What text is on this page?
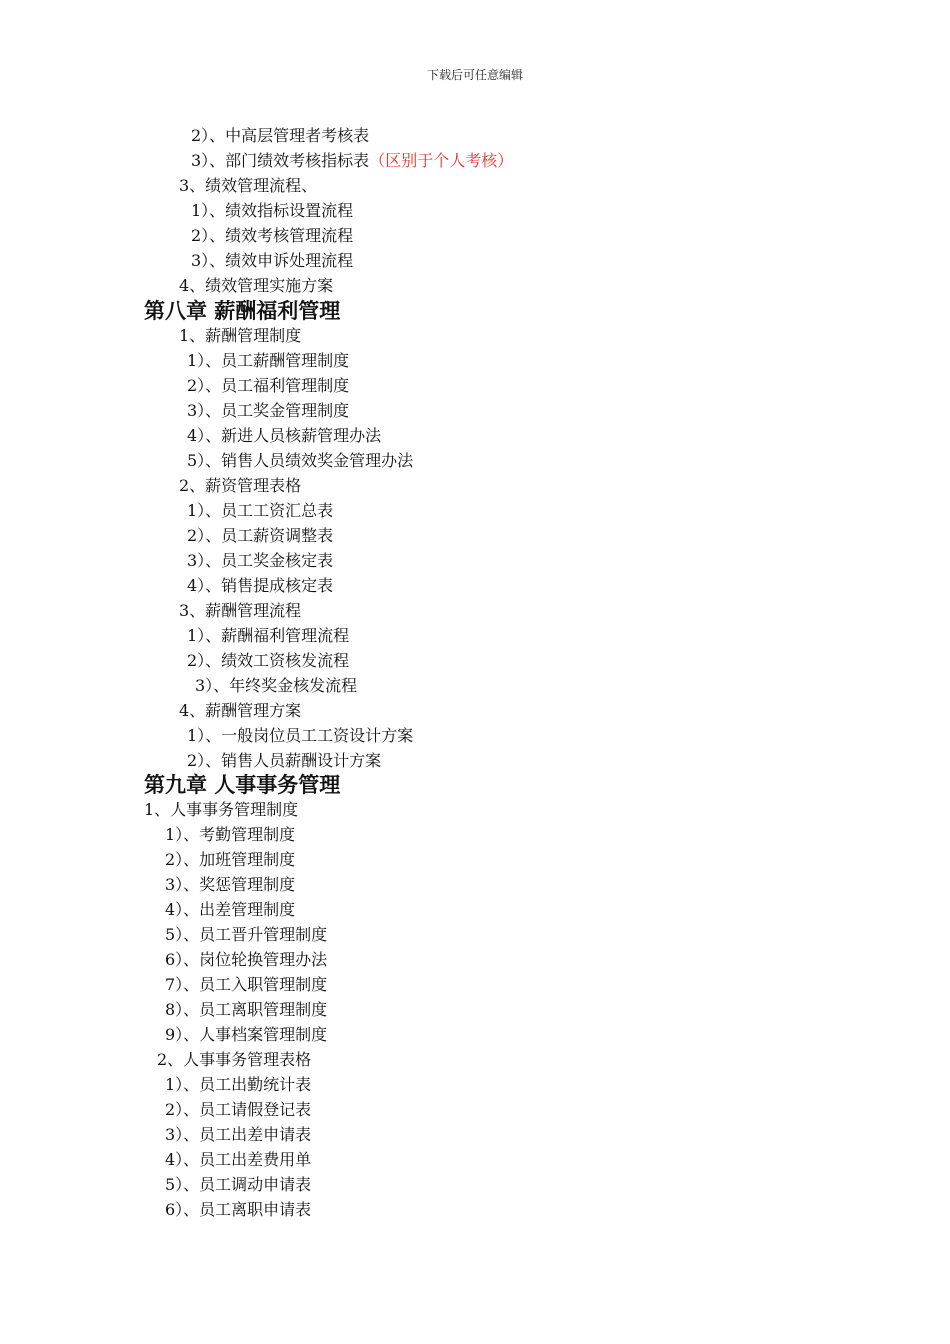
下载后可任意编辑
2）、中高层管理者考核表
3）、部门绩效考核指标表（区别于个人考核）
3、绩效管理流程、
1）、绩效指标设置流程
2）、绩效考核管理流程
3）、绩效申诉处理流程
4、绩效管理实施方案
第八章 薪酬福利管理
1、薪酬管理制度
1）、员工薪酬管理制度
2）、员工福利管理制度
3）、员工奖金管理制度
4）、新进人员核薪管理办法
5）、销售人员绩效奖金管理办法
2、薪资管理表格
1）、员工工资汇总表
2）、员工薪资调整表
3）、员工奖金核定表
4）、销售提成核定表
3、薪酬管理流程
1）、薪酬福利管理流程
2）、绩效工资核发流程
3）、年终奖金核发流程
4、薪酬管理方案
1）、一般岗位员工工资设计方案
2）、销售人员薪酬设计方案
第九章 人事事务管理
1、人事事务管理制度
1）、考勤管理制度
2）、加班管理制度
3）、奖惩管理制度
4）、出差管理制度
5）、员工晋升管理制度
6）、岗位轮换管理办法
7）、员工入职管理制度
8）、员工离职管理制度
9）、人事档案管理制度
2、人事事务管理表格
1）、员工出勤统计表
2）、员工请假登记表
3）、员工出差申请表
4）、员工出差费用单
5）、员工调动申请表
6）、员工离职申请表
